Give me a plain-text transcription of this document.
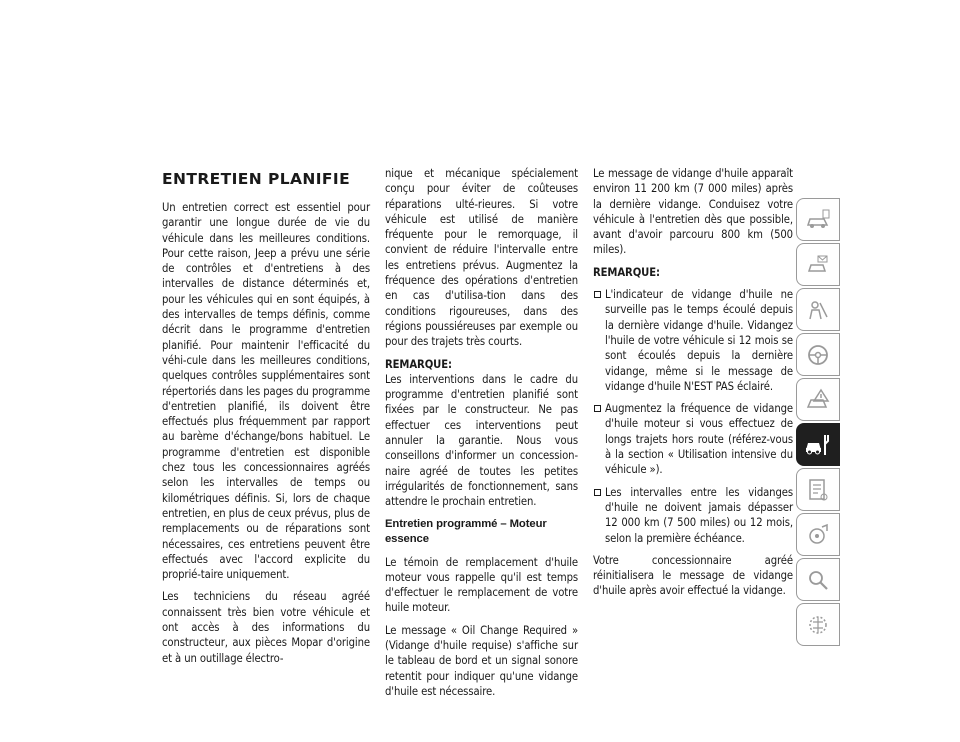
ENTRETIEN PLANIFIE

Un entretien correct est essentiel pour garantir une longue durée de vie du véhicule dans les meilleures conditions. Pour cette raison, Jeep a prévu une série de contrôles et d'entretiens à des intervalles de distance déterminés et, pour les véhicules qui en sont équipés, à des intervalles de temps définis, comme décrit dans le programme d'entretien planifié. Pour maintenir l'efficacité du véhi-cule dans les meilleures conditions, quelques contrôles supplémentaires sont répertoriés dans les pages du programme d'entretien planifié, ils doivent être effectués plus fréquemment par rapport au barème d'échange/bons habituel. Le programme d'entretien est disponible chez tous les concessionnaires agréés selon les intervalles de temps ou kilométriques définis. Si, lors de chaque entretien, en plus de ceux prévus, plus de remplacements ou de réparations sont nécessaires, ces entretiens peuvent être effectués avec l'accord explicite du proprié-taire uniquement.

Les techniciens du réseau agréé connaissent très bien votre véhicule et ont accès à des informations du constructeur, aux pièces Mopar d'origine et à un outillage électro-

nique et mécanique spécialement conçu pour éviter de coûteuses réparations ulté-rieures. Si votre véhicule est utilisé de manière fréquente pour le remorquage, il convient de réduire l'intervalle entre les entretiens prévus. Augmentez la fréquence des opérations d'entretien en cas d'utilisa-tion dans des conditions rigoureuses, dans des régions poussiéreuses par exemple ou pour des trajets très courts.

REMARQUE:
Les interventions dans le cadre du programme d'entretien planifié sont fixées par le constructeur. Ne pas effectuer ces interventions peut annuler la garantie. Nous vous conseillons d'informer un concession-naire agréé de toutes les petites irrégularités de fonctionnement, sans attendre le prochain entretien.

Entretien programmé – Moteur essence

Le témoin de remplacement d'huile moteur vous rappelle qu'il est temps d'effectuer le remplacement de votre huile moteur.

Le message « Oil Change Required » (Vidange d'huile requise) s'affiche sur le tableau de bord et un signal sonore retentit pour indiquer qu'une vidange d'huile est nécessaire.

Le message de vidange d'huile apparaît environ 11 200 km (7 000 miles) après la dernière vidange. Conduisez votre véhicule à l'entretien dès que possible, avant d'avoir parcouru 800 km (500 miles).

REMARQUE:

L'indicateur de vidange d'huile ne surveille pas le temps écoulé depuis la dernière vidange d'huile. Vidangez l'huile de votre véhicule si 12 mois se sont écoulés depuis la dernière vidange, même si le message de vidange d'huile N'EST PAS éclairé.
Augmentez la fréquence de vidange d'huile moteur si vous effectuez de longs trajets hors route (référez-vous à la section « Utilisation intensive du véhicule »).
Les intervalles entre les vidanges d'huile ne doivent jamais dépasser 12 000 km (7 500 miles) ou 12 mois, selon la première échéance.

Votre concessionnaire agréé réinitialisera le message de vidange d'huile après avoir effectué la vidange.
